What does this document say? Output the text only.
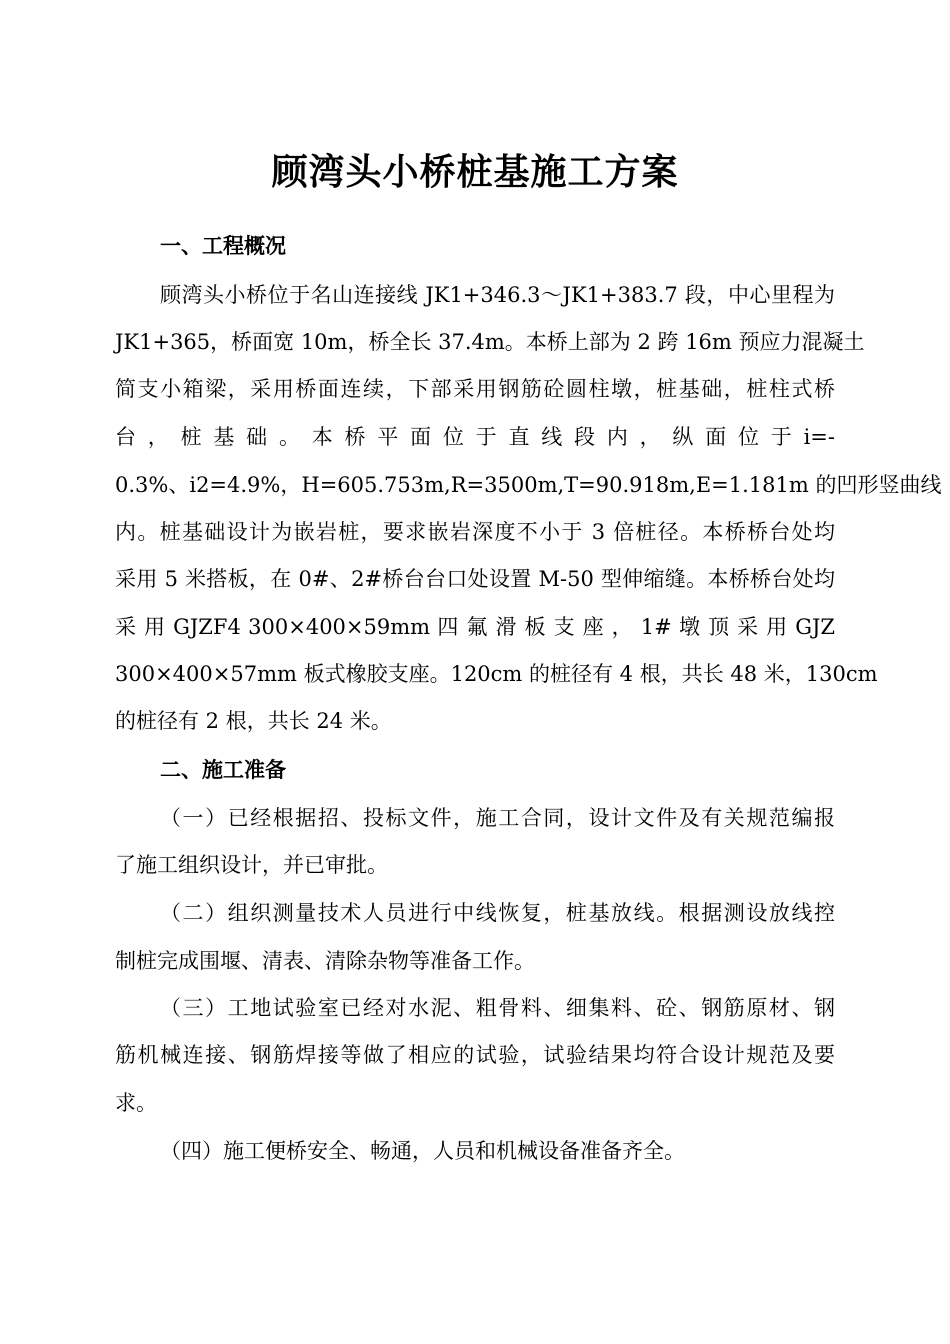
顾湾头小桥桩基施工方案
一、工程概况
顾湾头小桥位于名山连接线 JK1+346.3～JK1+383.7 段，中心里程为
JK1+365，桥面宽 10m，桥全长 37.4m。本桥上部为 2 跨 16m 预应力混凝土
简支小箱梁，采用桥面连续，下部采用钢筋砼圆柱墩，桩基础，桩柱式桥
台 ， 桩 基 础 。 本 桥 平 面 位 于 直 线 段 内 ， 纵 面 位 于 i=-
0.3%、i2=4.9%，H=605.753m,R=3500m,T=90.918m,E=1.181m 的凹形竖曲线
内。桩基础设计为嵌岩桩，要求嵌岩深度不小于 3 倍桩径。本桥桥台处均
采用 5 米搭板，在 0#、2#桥台台口处设置 M-50 型伸缩缝。本桥桥台处均
采 用 GJZF4 300×400×59mm 四 氟 滑 板 支 座 ， 1# 墩 顶 采 用 GJZ
300×400×57mm 板式橡胶支座。120cm 的桩径有 4 根，共长 48 米，130cm
的桩径有 2 根，共长 24 米。
二、施工准备
（一）已经根据招、投标文件，施工合同，设计文件及有关规范编报
了施工组织设计，并已审批。
（二）组织测量技术人员进行中线恢复，桩基放线。根据测设放线控
制桩完成围堰、清表、清除杂物等准备工作。
（三）工地试验室已经对水泥、粗骨料、细集料、砼、钢筋原材、钢
筋机械连接、钢筋焊接等做了相应的试验，试验结果均符合设计规范及要
求。
（四）施工便桥安全、畅通，人员和机械设备准备齐全。
